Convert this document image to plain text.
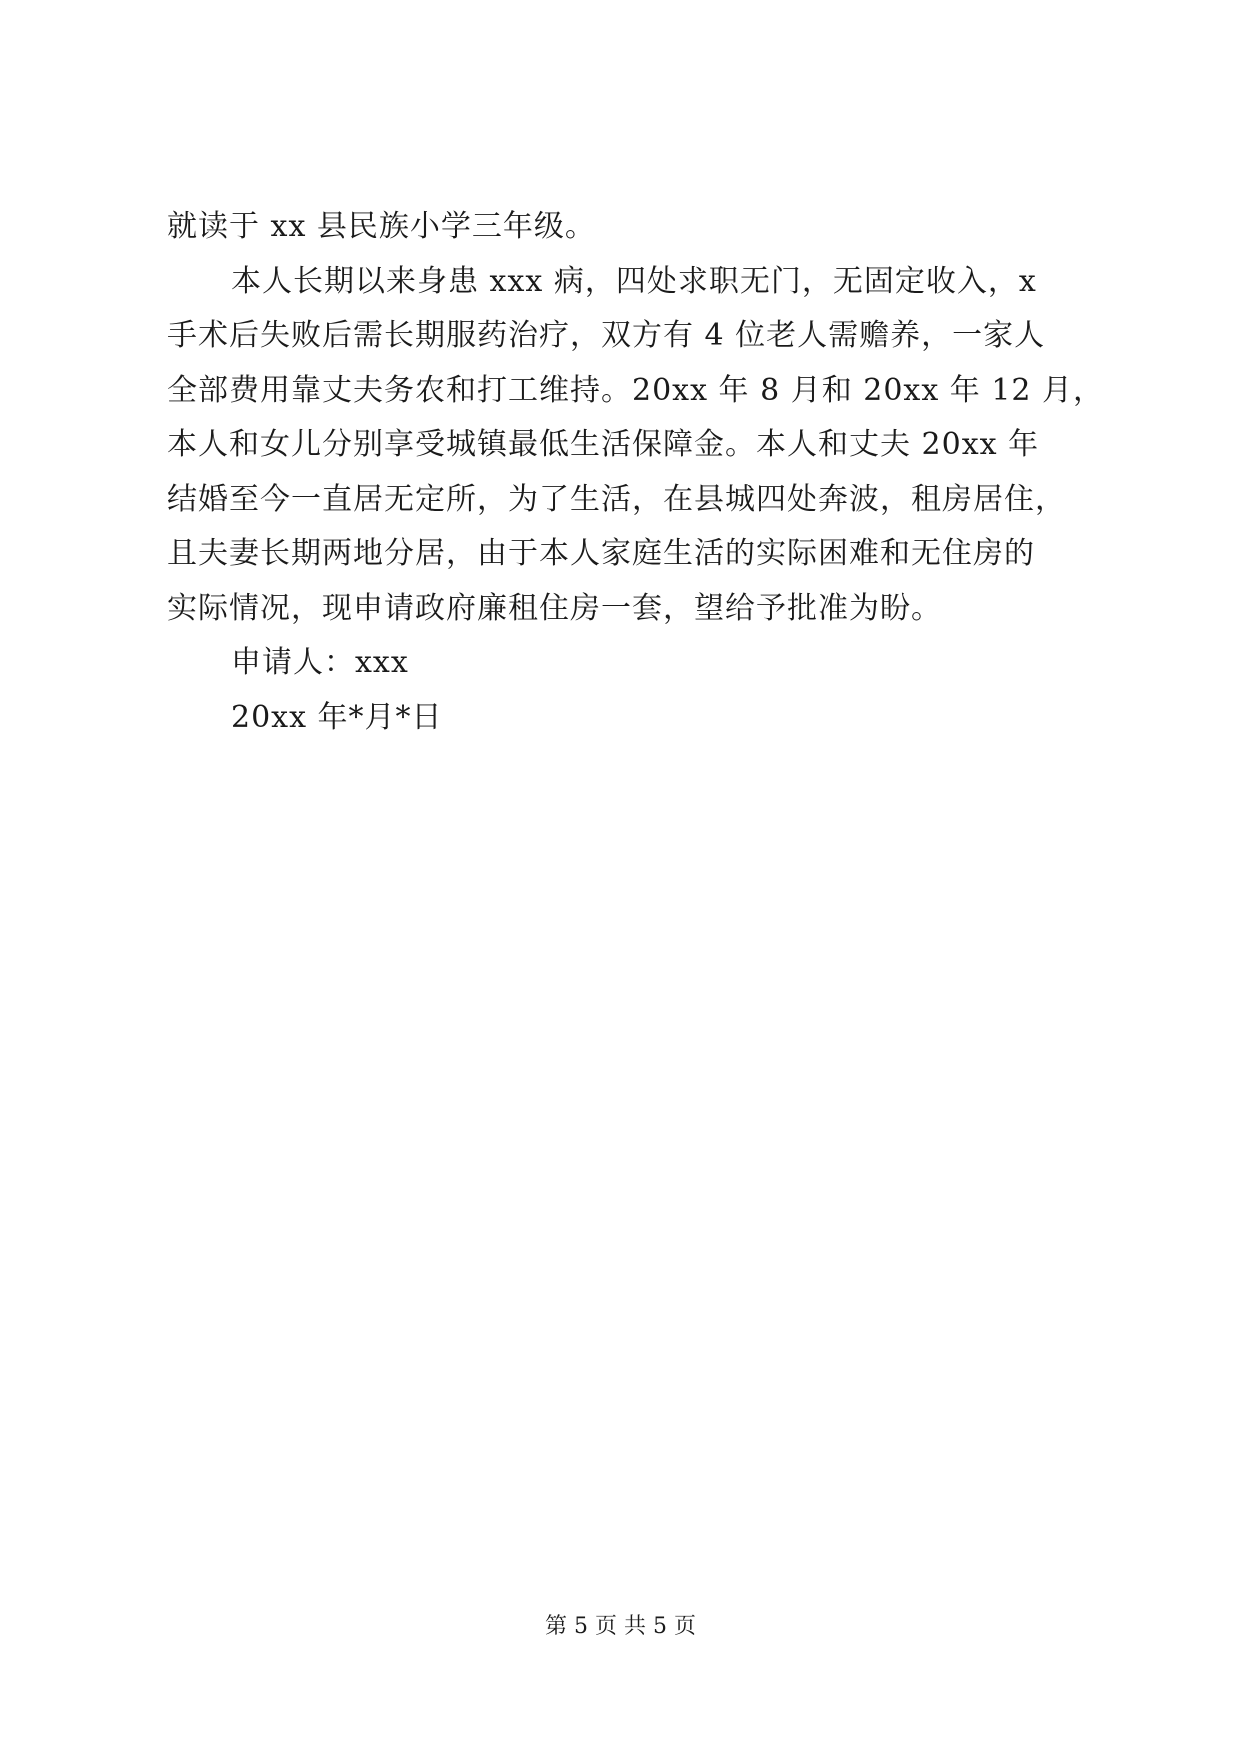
就读于 xx 县民族小学三年级。
本人长期以来身患 xxx 病，四处求职无门，无固定收入，x
手术后失败后需长期服药治疗，双方有 4 位老人需赡养，一家人
全部费用靠丈夫务农和打工维持。20xx 年 8 月和 20xx 年 12 月，
本人和女儿分别享受城镇最低生活保障金。本人和丈夫 20xx 年
结婚至今一直居无定所，为了生活，在县城四处奔波，租房居住，
且夫妻长期两地分居，由于本人家庭生活的实际困难和无住房的
实际情况，现申请政府廉租住房一套，望给予批准为盼。
申请人：xxx
20xx 年*月*日
第 5 页 共 5 页
